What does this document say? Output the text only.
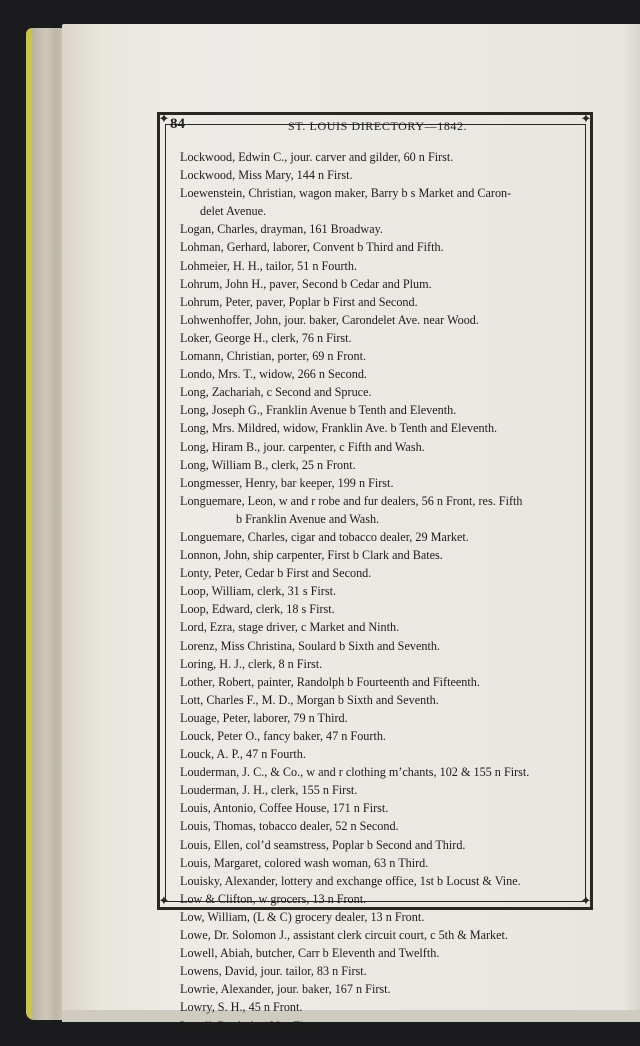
✦	✦
✦	✦
84	ST. LOUIS DIRECTORY—1842.
Lockwood, Edwin C., jour. carver and gilder, 60 n First.
Lockwood, Miss Mary, 144 n First.
Loewenstein, Christian, wagon maker, Barry b s Market and Caron-
delet Avenue.
Logan, Charles, drayman, 161 Broadway.
Lohman, Gerhard, laborer, Convent b Third and Fifth.
Lohmeier, H. H., tailor, 51 n Fourth.
Lohrum, John H., paver, Second b Cedar and Plum.
Lohrum, Peter, paver, Poplar b First and Second.
Lohwenhoffer, John, jour. baker, Carondelet Ave. near Wood.
Loker, George H., clerk, 76 n First.
Lomann, Christian, porter, 69 n Front.
Londo, Mrs. T., widow, 266 n Second.
Long, Zachariah, c Second and Spruce.
Long, Joseph G., Franklin Avenue b Tenth and Eleventh.
Long, Mrs. Mildred, widow, Franklin Ave. b Tenth and Eleventh.
Long, Hiram B., jour. carpenter, c Fifth and Wash.
Long, William B., clerk, 25 n Front.
Longmesser, Henry, bar keeper, 199 n First.
Longuemare, Leon, w and r robe and fur dealers, 56 n Front, res. Fifth
b Franklin Avenue and Wash.
Longuemare, Charles, cigar and tobacco dealer, 29 Market.
Lonnon, John, ship carpenter, First b Clark and Bates.
Lonty, Peter, Cedar b First and Second.
Loop, William, clerk, 31 s First.
Loop, Edward, clerk, 18 s First.
Lord, Ezra, stage driver, c Market and Ninth.
Lorenz, Miss Christina, Soulard b Sixth and Seventh.
Loring, H. J., clerk, 8 n First.
Lother, Robert, painter, Randolph b Fourteenth and Fifteenth.
Lott, Charles F., M. D., Morgan b Sixth and Seventh.
Louage, Peter, laborer, 79 n Third.
Louck, Peter O., fancy baker, 47 n Fourth.
Louck, A. P., 47 n Fourth.
Louderman, J. C., & Co., w and r clothing m’chants, 102 & 155 n First.
Louderman, J. H., clerk, 155 n First.
Louis, Antonio, Coffee House, 171 n First.
Louis, Thomas, tobacco dealer, 52 n Second.
Louis, Ellen, col’d seamstress, Poplar b Second and Third.
Louis, Margaret, colored wash woman, 63 n Third.
Louisky, Alexander, lottery and exchange office, 1st b Locust & Vine.
Low & Clifton, w grocers, 13 n Front.
Low, William, (L & C) grocery dealer, 13 n Front.
Lowe, Dr. Solomon J., assistant clerk circuit court, c 5th & Market.
Lowell, Abiah, butcher, Carr b Eleventh and Twelfth.
Lowens, David, jour. tailor, 83 n First.
Lowrie, Alexander, jour. baker, 167 n First.
Lowry, S. H., 45 n Front.
Loyall, P., clerk, 129 n First.
